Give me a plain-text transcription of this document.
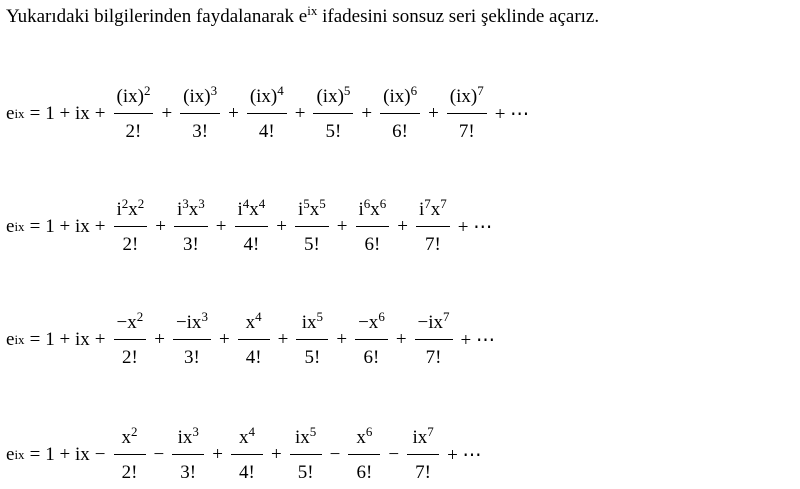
Yukarıdaki bilgilerinden faydalanarak $e^{ix}$ ifadesini sonsuz seri şeklinde açarız.
e ix = 1 + ix + $\frac{(ix)^2}{2!} + \frac{(ix)^3}{3!} + \frac{(ix)^4}{4!} + \frac{(ix)^5}{5!} + \frac{(ix)^6}{6!} + \frac{(ix)^7}{7!}$ + ⋯
e ix = 1 + ix + $\frac{i^2x^2}{2!} + \frac{i^3x^3}{3!} + \frac{i^4x^4}{4!} + \frac{i^5x^5}{5!} + \frac{i^6x^6}{6!} + \frac{i^7x^7}{7!}$ + ⋯
e ix = 1 + ix + $\frac{-x^2}{2!} + \frac{-ix^3}{3!} + \frac{x^4}{4!} + \frac{ix^5}{5!} + \frac{-x^6}{6!} + \frac{-ix^7}{7!}$ + ⋯
e ix = 1 + ix − $\frac{x^2}{2!} - \frac{ix^3}{3!} + \frac{x^4}{4!} + \frac{ix^5}{5!} - \frac{x^6}{6!} - \frac{ix^7}{7!}$ + ⋯
